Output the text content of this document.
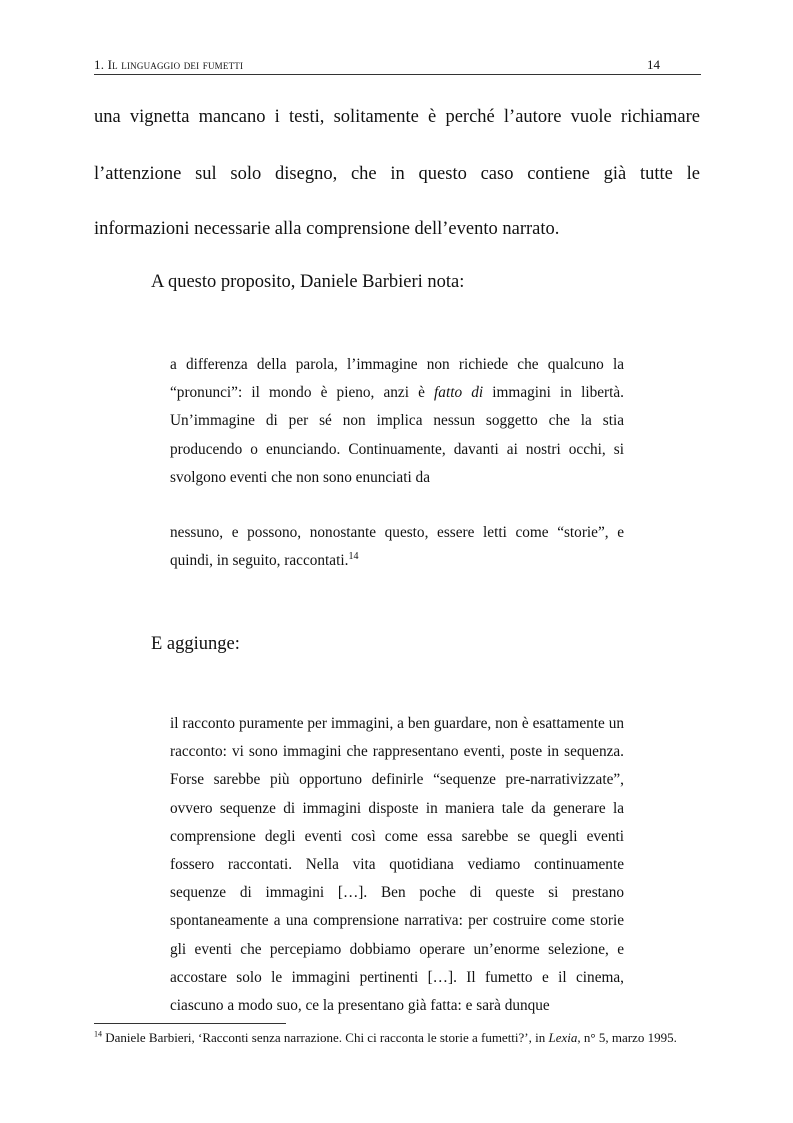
1. Il linguaggio dei fumetti	14

una vignetta mancano i testi, solitamente è perché l’autore vuole richiamare

l’attenzione sul solo disegno, che in questo caso contiene già tutte le

informazioni necessarie alla comprensione dell’evento narrato.

A questo proposito, Daniele Barbieri nota:

a differenza della parola, l’immagine non richiede che qualcuno la “pronunci”: il mondo è pieno, anzi è fatto di immagini in libertà. Un’immagine di per sé non implica nessun soggetto che la stia producendo o enunciando. Continuamente, davanti ai nostri occhi, si svolgono eventi che non sono enunciati da

nessuno, e possono, nonostante questo, essere letti come “storie”, e quindi, in seguito, raccontati.$^{14}$

E aggiunge:

il racconto puramente per immagini, a ben guardare, non è esattamente un racconto: vi sono immagini che rappresentano eventi, poste in sequenza. Forse sarebbe più opportuno definirle “sequenze pre-narrativizzate”, ovvero sequenze di immagini disposte in maniera tale da generare la comprensione degli eventi così come essa sarebbe se quegli eventi fossero raccontati. Nella vita quotidiana vediamo continuamente sequenze di immagini […]. Ben poche di queste si prestano spontaneamente a una comprensione narrativa: per costruire come storie gli eventi che percepiamo dobbiamo operare un’enorme selezione, e accostare solo le immagini pertinenti […]. Il fumetto e il cinema, ciascuno a modo suo, ce la presentano già fatta: e sarà dunque

$^{14}$ Daniele Barbieri, ‘Racconti senza narrazione. Chi ci racconta le storie a fumetti?’, in Lexia, n° 5, marzo 1995.
